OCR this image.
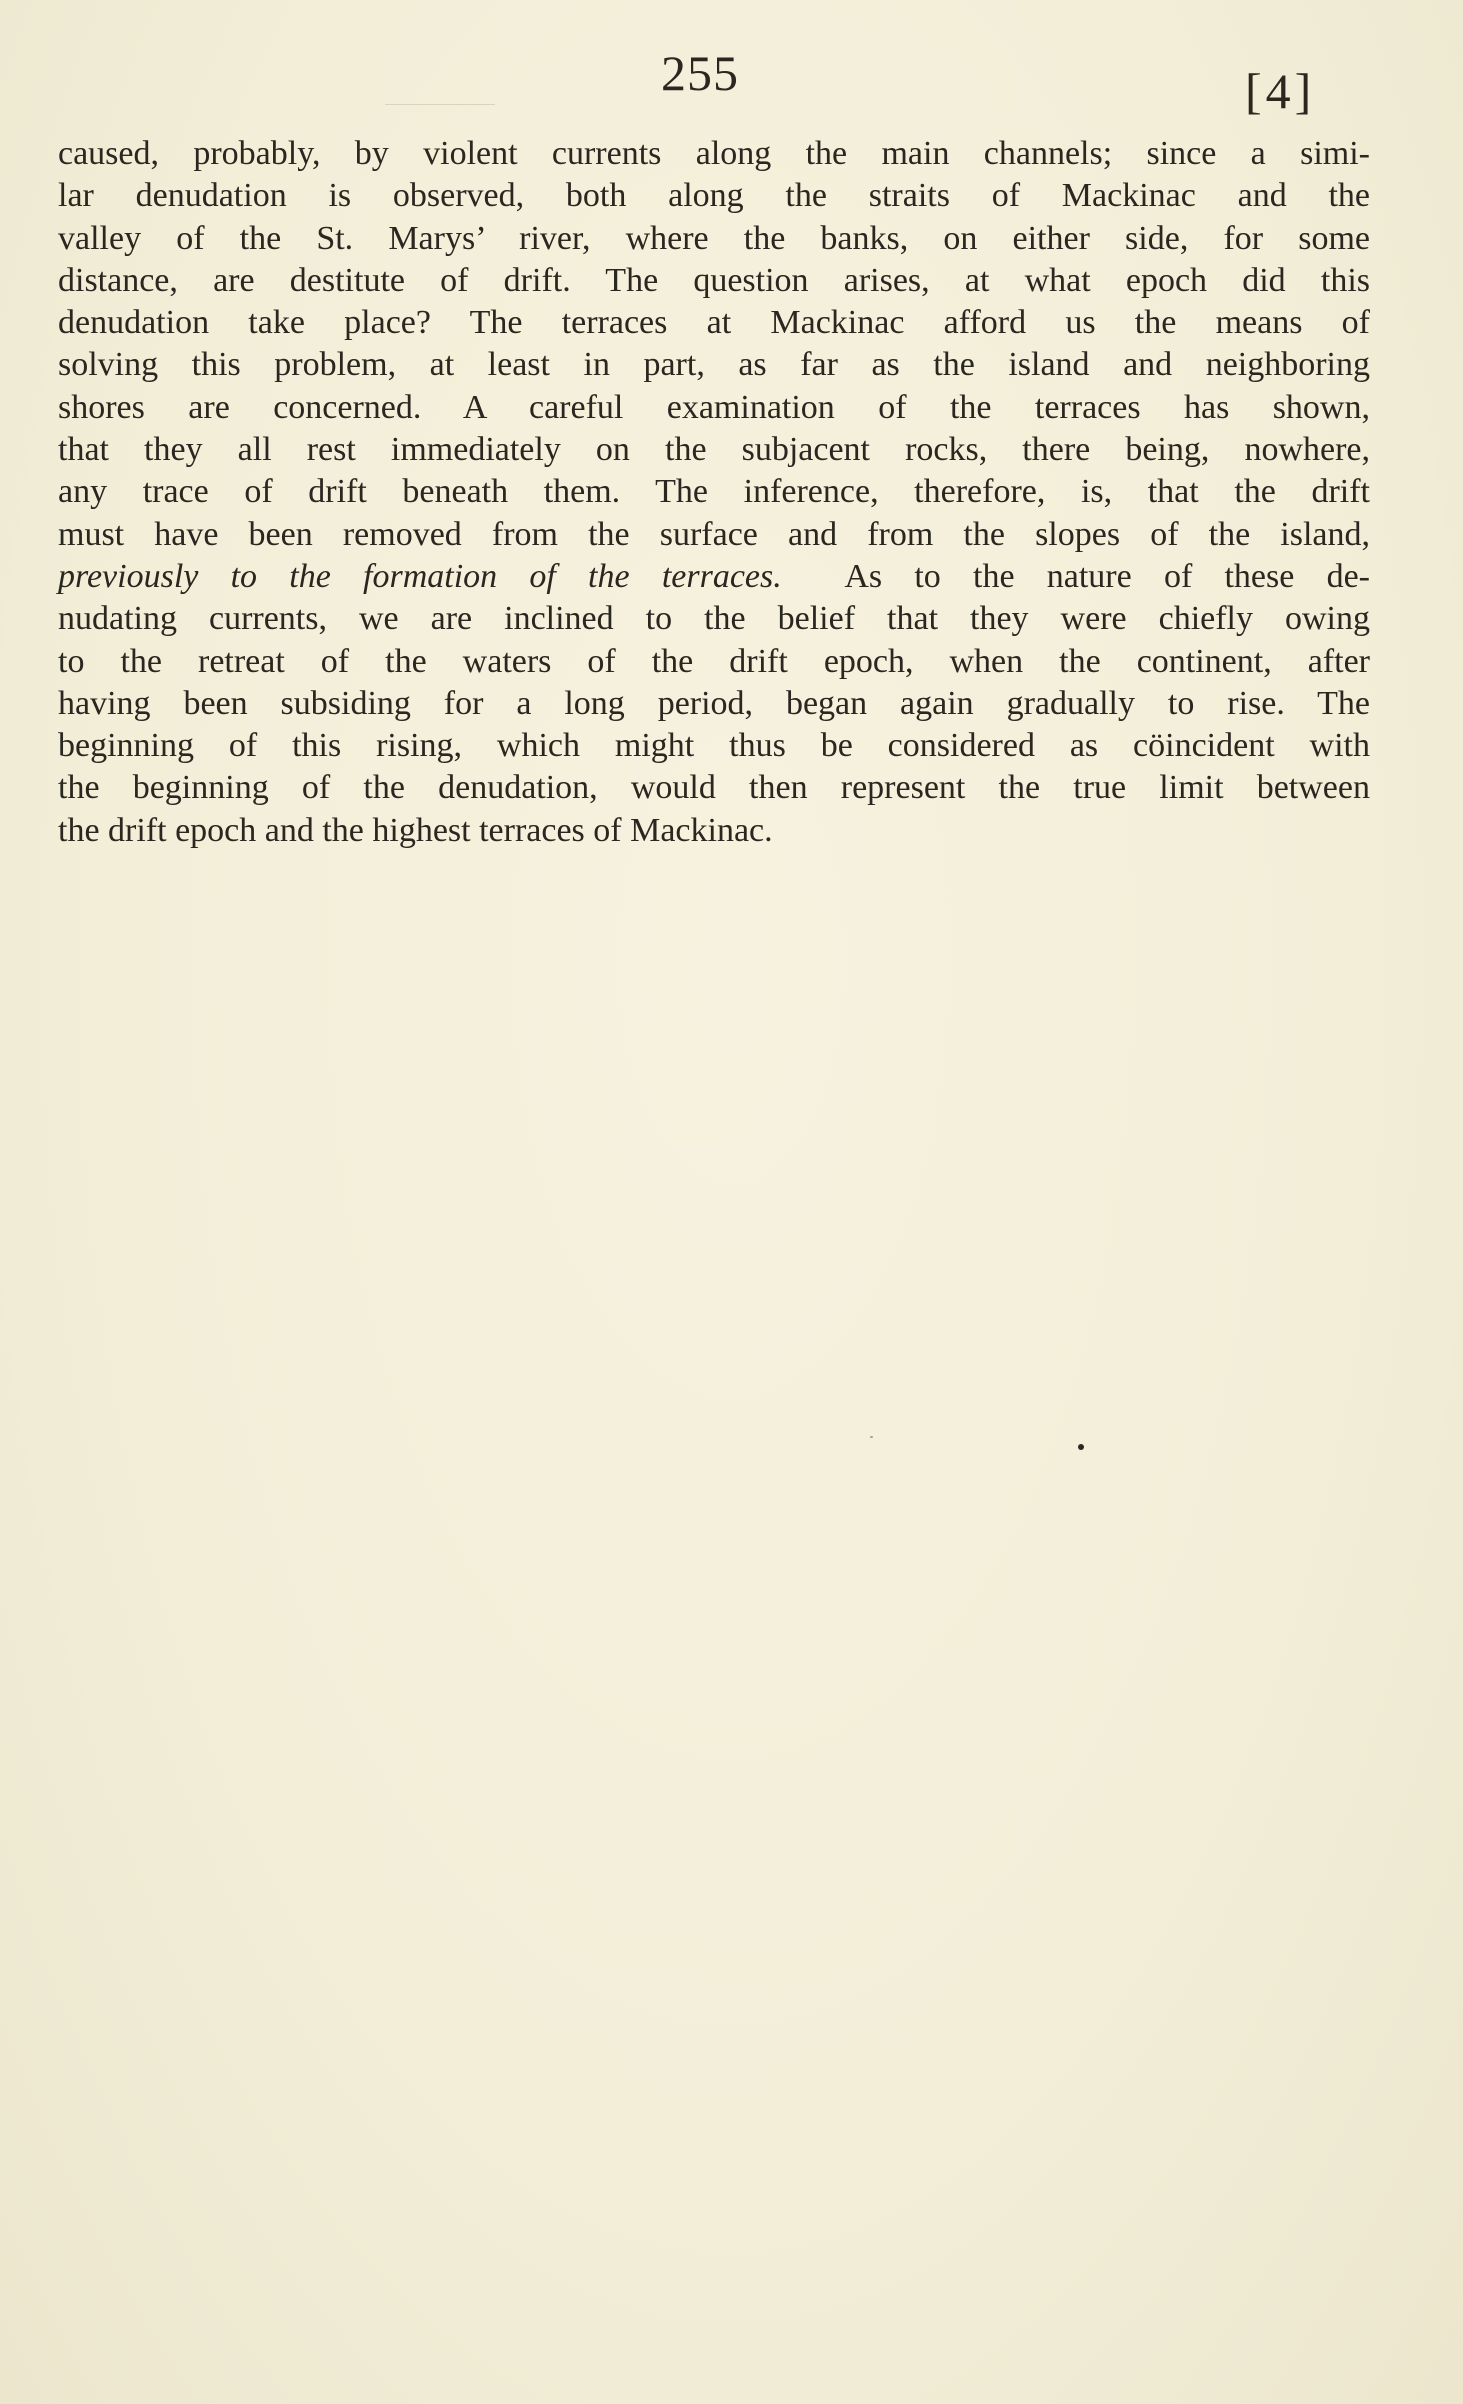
255	[4]
caused, probably, by violent currents along the main channels; since a simi-
lar denudation is observed, both along the straits of Mackinac and the
valley of the St. Marys’ river, where the banks, on either side, for some
distance, are destitute of drift. The question arises, at what epoch did this
denudation take place? The terraces at Mackinac afford us the means of
solving this problem, at least in part, as far as the island and neighboring
shores are concerned. A careful examination of the terraces has shown,
that they all rest immediately on the subjacent rocks, there being, nowhere,
any trace of drift beneath them. The inference, therefore, is, that the drift
must have been removed from the surface and from the slopes of the island,
previously to the formation of the terraces. As to the nature of these de-
nudating currents, we are inclined to the belief that they were chiefly owing
to the retreat of the waters of the drift epoch, when the continent, after
having been subsiding for a long period, began again gradually to rise. The
beginning of this rising, which might thus be considered as cöincident with
the beginning of the denudation, would then represent the true limit between
the drift epoch and the highest terraces of Mackinac.
